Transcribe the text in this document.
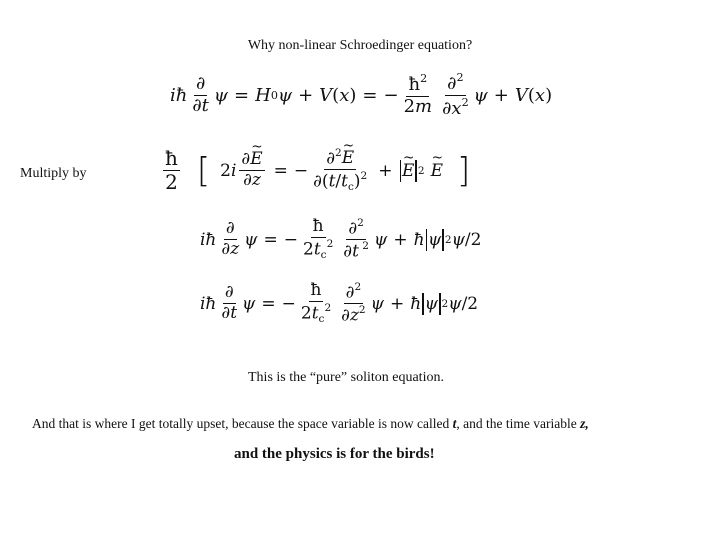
Why non-linear Schroedinger equation?
iħ $\frac{\partial}{\partial t}$ ψ = H 0 ψ + V ( x ) = − $\frac{ħ^2}{2m} \frac{\partial^2}{\partial x^2}$ ψ + V ( x )
Multiply by	$\frac{ħ}{2}$ [ $2i \frac{\partial E \sim}{\partial z}$ = − $\frac{\partial^2E \sim}{\partial(t/t_c)^2} + E$ ~ 2 E ~ ]
iħ $\frac{\partial}{\partial z}$ ψ = − $\frac{ħ}{2t_c^2} \frac{\partial^2}{\partial t ^2}$ ψ + ħ ψ 2 ψ /2
iħ $\frac{\partial}{\partial t}$ ψ = − $\frac{ħ}{2t_c^2} \frac{\partial^2}{\partial z^2}$ ψ + ħ ψ 2 ψ /2
This is the “pure” soliton equation.
And that is where I get totally upset, because the space variable is now called t, and the time variable z,
and the physics is for the birds!
